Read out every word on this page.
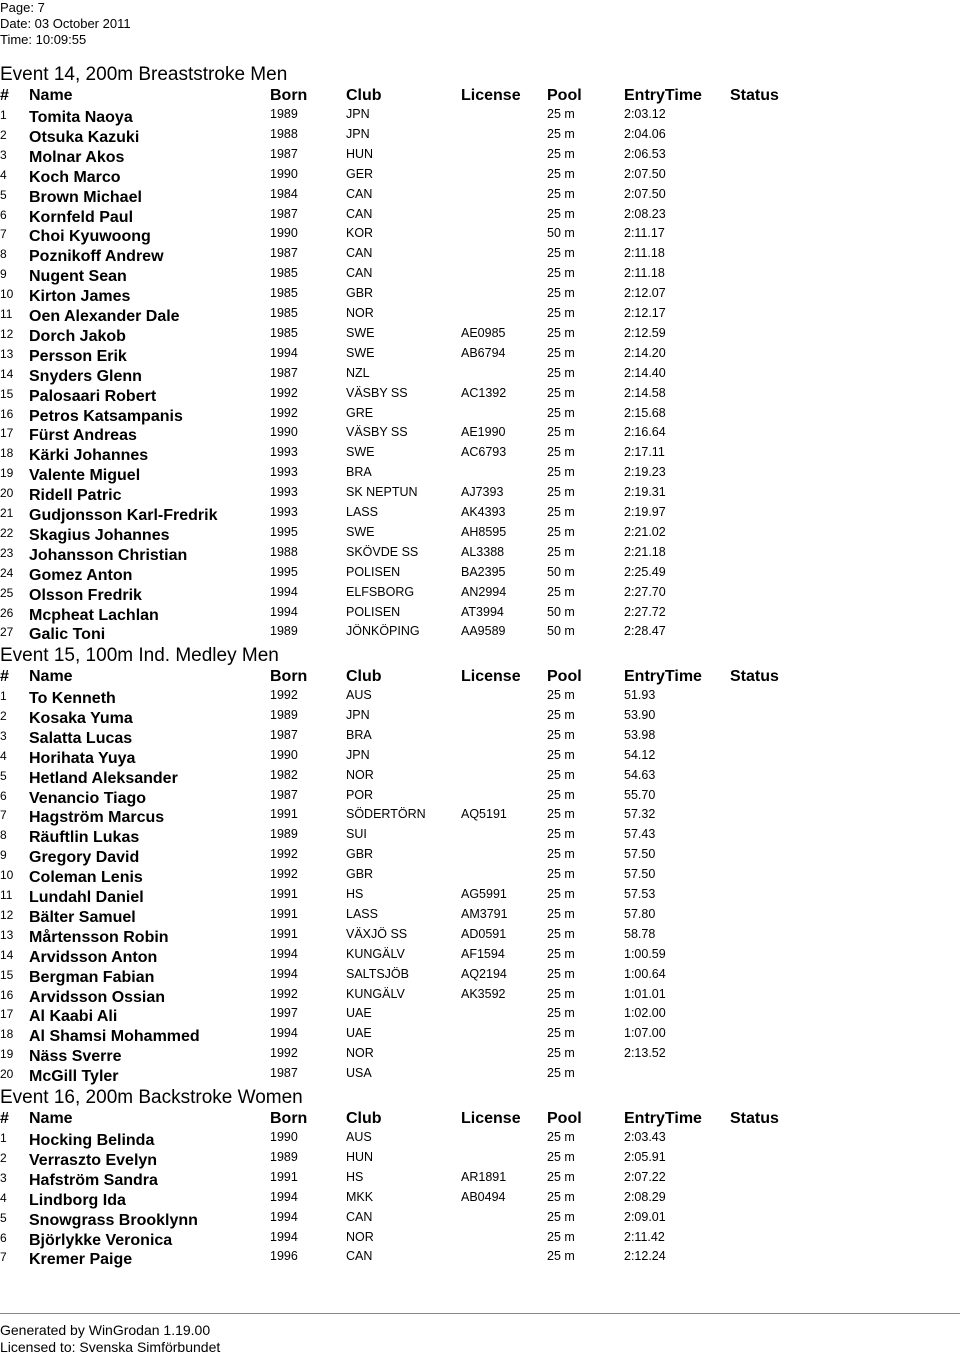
Page: 7
Date: 03 October 2011
Time: 10:09:55
Event 14, 200m Breaststroke Men
# Name	Born Club	License Pool	EntryTime Status
1 Tomita Naoya	1989	JPN	25 m	2:03.12
2 Otsuka Kazuki	1988	JPN	25 m	2:04.06
3 Molnar Akos	1987	HUN	25 m	2:06.53
4 Koch Marco	1990	GER	25 m	2:07.50
5 Brown Michael	1984	CAN	25 m	2:07.50
6 Kornfeld Paul	1987	CAN	25 m	2:08.23
7 Choi Kyuwoong	1990	KOR	50 m	2:11.17
8 Poznikoff Andrew	1987	CAN	25 m	2:11.18
9 Nugent Sean	1985	CAN	25 m	2:11.18
10 Kirton James	1985	GBR	25 m	2:12.07
11 Oen Alexander Dale	1985	NOR	25 m	2:12.17
12 Dorch Jakob	1985	SWE	AE0985	25 m	2:12.59
13 Persson Erik	1994	SWE	AB6794	25 m	2:14.20
14 Snyders Glenn	1987	NZL	25 m	2:14.40
15 Palosaari Robert	1992	VÄSBY SS	AC1392	25 m	2:14.58
16 Petros Katsampanis	1992	GRE	25 m	2:15.68
17 Fürst Andreas	1990	VÄSBY SS	AE1990	25 m	2:16.64
18 Kärki Johannes	1993	SWE	AC6793	25 m	2:17.11
19 Valente Miguel	1993	BRA	25 m	2:19.23
20 Ridell Patric	1993	SK NEPTUN	AJ7393	25 m	2:19.31
21 Gudjonsson Karl-Fredrik	1993	LASS	AK4393	25 m	2:19.97
22 Skagius Johannes	1995	SWE	AH8595	25 m	2:21.02
23 Johansson Christian	1988	SKÖVDE SS	AL3388	25 m	2:21.18
24 Gomez Anton	1995	POLISEN	BA2395	50 m	2:25.49
25 Olsson Fredrik	1994	ELFSBORG	AN2994	25 m	2:27.70
26 Mcpheat Lachlan	1994	POLISEN	AT3994	50 m	2:27.72
27 Galic Toni	1989	JÖNKÖPING	AA9589	50 m	2:28.47
Event 15, 100m Ind. Medley Men
# Name	Born Club	License Pool	EntryTime Status
1 To Kenneth	1992	AUS	25 m	51.93
2 Kosaka Yuma	1989	JPN	25 m	53.90
3 Salatta Lucas	1987	BRA	25 m	53.98
4 Horihata Yuya	1990	JPN	25 m	54.12
5 Hetland Aleksander	1982	NOR	25 m	54.63
6 Venancio Tiago	1987	POR	25 m	55.70
7 Hagström Marcus	1991	SÖDERTÖRN	AQ5191	25 m	57.32
8 Räuftlin Lukas	1989	SUI	25 m	57.43
9 Gregory David	1992	GBR	25 m	57.50
10 Coleman Lenis	1992	GBR	25 m	57.50
11 Lundahl Daniel	1991	HS	AG5991	25 m	57.53
12 Bälter Samuel	1991	LASS	AM3791	25 m	57.80
13 Mårtensson Robin	1991	VÄXJÖ SS	AD0591	25 m	58.78
14 Arvidsson Anton	1994	KUNGÄLV	AF1594	25 m	1:00.59
15 Bergman Fabian	1994	SALTSJÖB	AQ2194	25 m	1:00.64
16 Arvidsson Ossian	1992	KUNGÄLV	AK3592	25 m	1:01.01
17 Al Kaabi Ali	1997	UAE	25 m	1:02.00
18 Al Shamsi Mohammed	1994	UAE	25 m	1:07.00
19 Näss Sverre	1992	NOR	25 m	2:13.52
20 McGill Tyler	1987	USA	25 m
Event 16, 200m Backstroke Women
# Name	Born Club	License Pool	EntryTime Status
1 Hocking Belinda	1990	AUS	25 m	2:03.43
2 Verraszto Evelyn	1989	HUN	25 m	2:05.91
3 Hafström Sandra	1991	HS	AR1891	25 m	2:07.22
4 Lindborg Ida	1994	MKK	AB0494	25 m	2:08.29
5 Snowgrass Brooklynn	1994	CAN	25 m	2:09.01
6 Björlykke Veronica	1994	NOR	25 m	2:11.42
7 Kremer Paige	1996	CAN	25 m	2:12.24
Generated by WinGrodan 1.19.00
Licensed to: Svenska Simförbundet
